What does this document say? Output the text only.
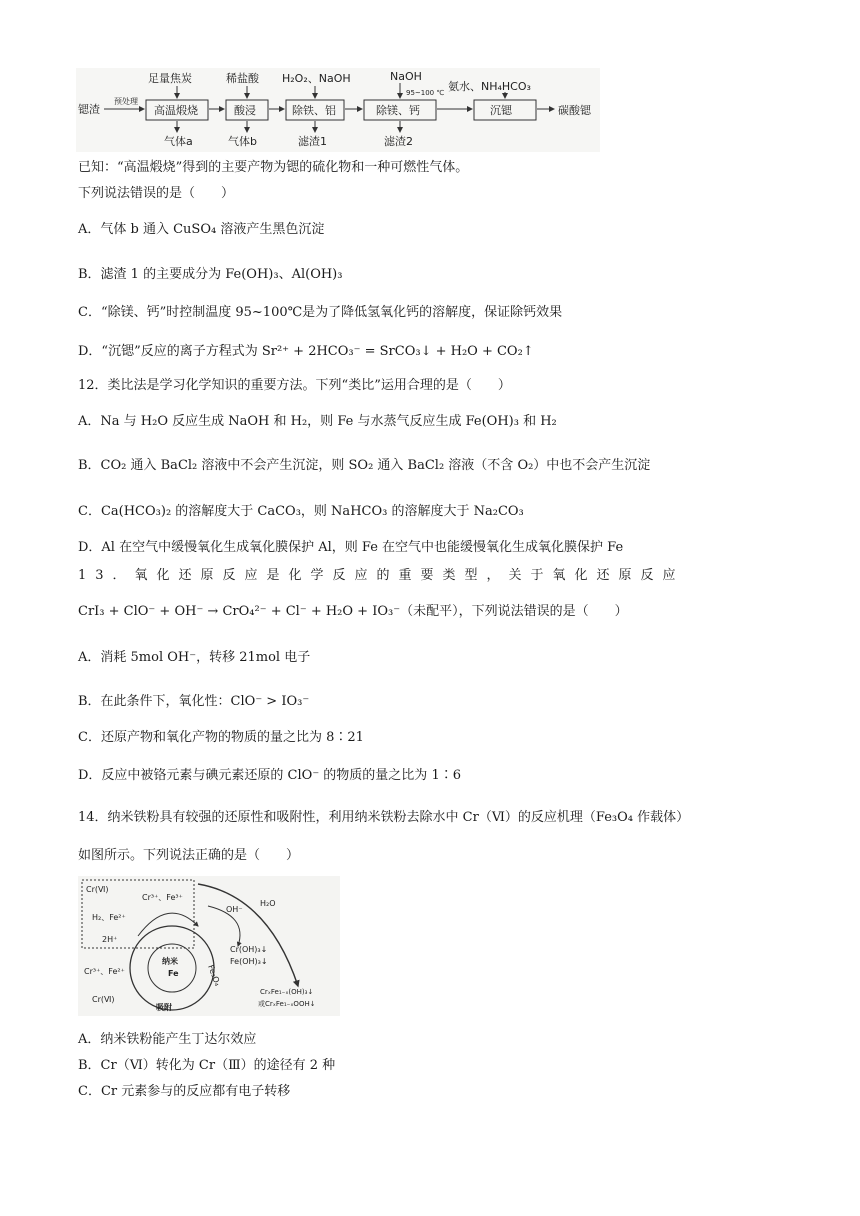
锶渣
预处理
高温煅烧
足量焦炭
气体a
酸浸
稀盐酸
气体b
除铁、铝
H₂O₂、NaOH
滤渣1
除镁、钙
NaOH
95~100 ℃
滤渣2
沉锶
氨水、NH₄HCO₃
碳酸锶
已知：“高温煅烧”得到的主要产物为锶的硫化物和一种可燃性气体。
下列说法错误的是（　　）
A．气体 b 通入 CuSO₄ 溶液产生黑色沉淀
B．滤渣 1 的主要成分为 Fe(OH)₃、Al(OH)₃
C．“除镁、钙”时控制温度 95~100℃是为了降低氢氧化钙的溶解度，保证除钙效果
D．“沉锶”反应的离子方程式为 Sr²⁺ + 2HCO₃⁻ = SrCO₃↓ + H₂O + CO₂↑
12．类比法是学习化学知识的重要方法。下列“类比”运用合理的是（　　）
A．Na 与 H₂O 反应生成 NaOH 和 H₂，则 Fe 与水蒸气反应生成 Fe(OH)₃ 和 H₂
B．CO₂ 通入 BaCl₂ 溶液中不会产生沉淀，则 SO₂ 通入 BaCl₂ 溶液（不含 O₂）中也不会产生沉淀
C．Ca(HCO₃)₂ 的溶解度大于 CaCO₃，则 NaHCO₃ 的溶解度大于 Na₂CO₃
D．Al 在空气中缓慢氧化生成氧化膜保护 Al，则 Fe 在空气中也能缓慢氧化生成氧化膜保护 Fe
13．氧化还原反应是化学反应的重要类型，关于氧化还原反应
CrI₃ + ClO⁻ + OH⁻ → CrO₄²⁻ + Cl⁻ + H₂O + IO₃⁻（未配平），下列说法错误的是（　　）
A．消耗 5mol OH⁻，转移 21mol 电子
B．在此条件下，氧化性：ClO⁻ > IO₃⁻
C．还原产物和氧化产物的物质的量之比为 8∶21
D．反应中被铬元素与碘元素还原的 ClO⁻ 的物质的量之比为 1∶6
14．纳米铁粉具有较强的还原性和吸附性，利用纳米铁粉去除水中 Cr（Ⅵ）的反应机理（Fe₃O₄ 作载体）
如图所示。下列说法正确的是（　　）
Cr(Ⅵ)
Cr³⁺、Fe³⁺
H₂、Fe²⁺
2H⁺
Cr³⁺、Fe²⁺
Cr(Ⅵ)
纳米
Fe	Fe₃O₄
吸附
OH⁻
H₂O
Cr(OH)₃↓
Fe(OH)₃↓
CrₓFe₁₋ₓ(OH)₃↓
或CrₓFe₁₋ₓOOH↓
A．纳米铁粉能产生丁达尔效应
B．Cr（Ⅵ）转化为 Cr（Ⅲ）的途径有 2 种
C．Cr 元素参与的反应都有电子转移
